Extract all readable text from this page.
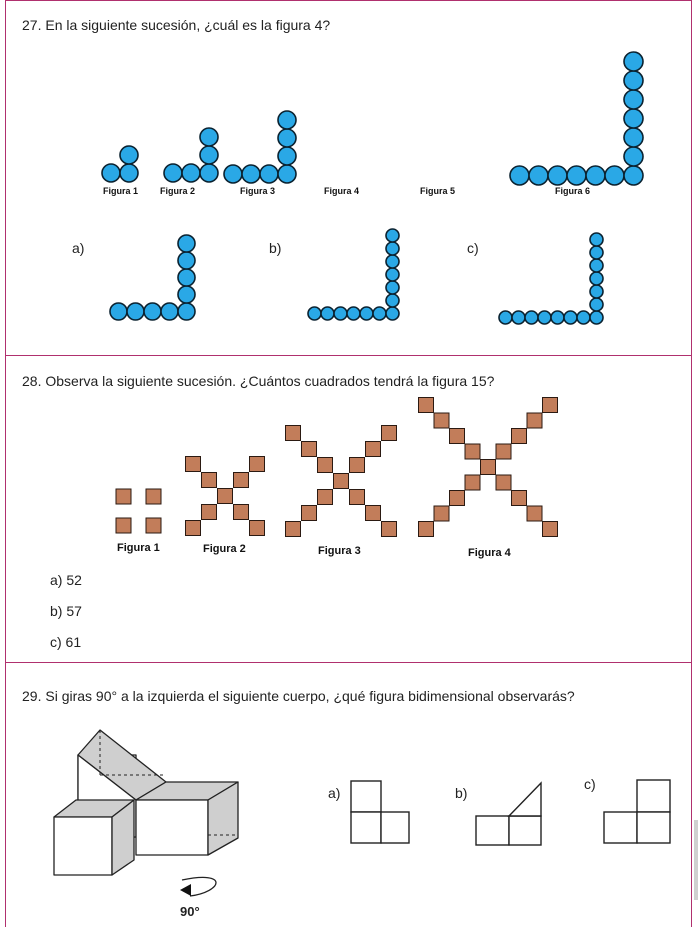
27. En la siguiente sucesión, ¿cuál es la figura 4?
Figura 1 Figura 2	Figura 3	Figura 4	Figura 5	Figura 6
a)	b)	c)
28. Observa la siguiente sucesión. ¿Cuántos cuadrados tendrá la figura 15?
Figura 1	Figura 2	Figura 3	Figura 4
a) 52
b) 57
c) 61
29. Si giras 90° a la izquierda el siguiente cuerpo, ¿qué figura bidimensional observarás?
90°
a)	b)
c)
